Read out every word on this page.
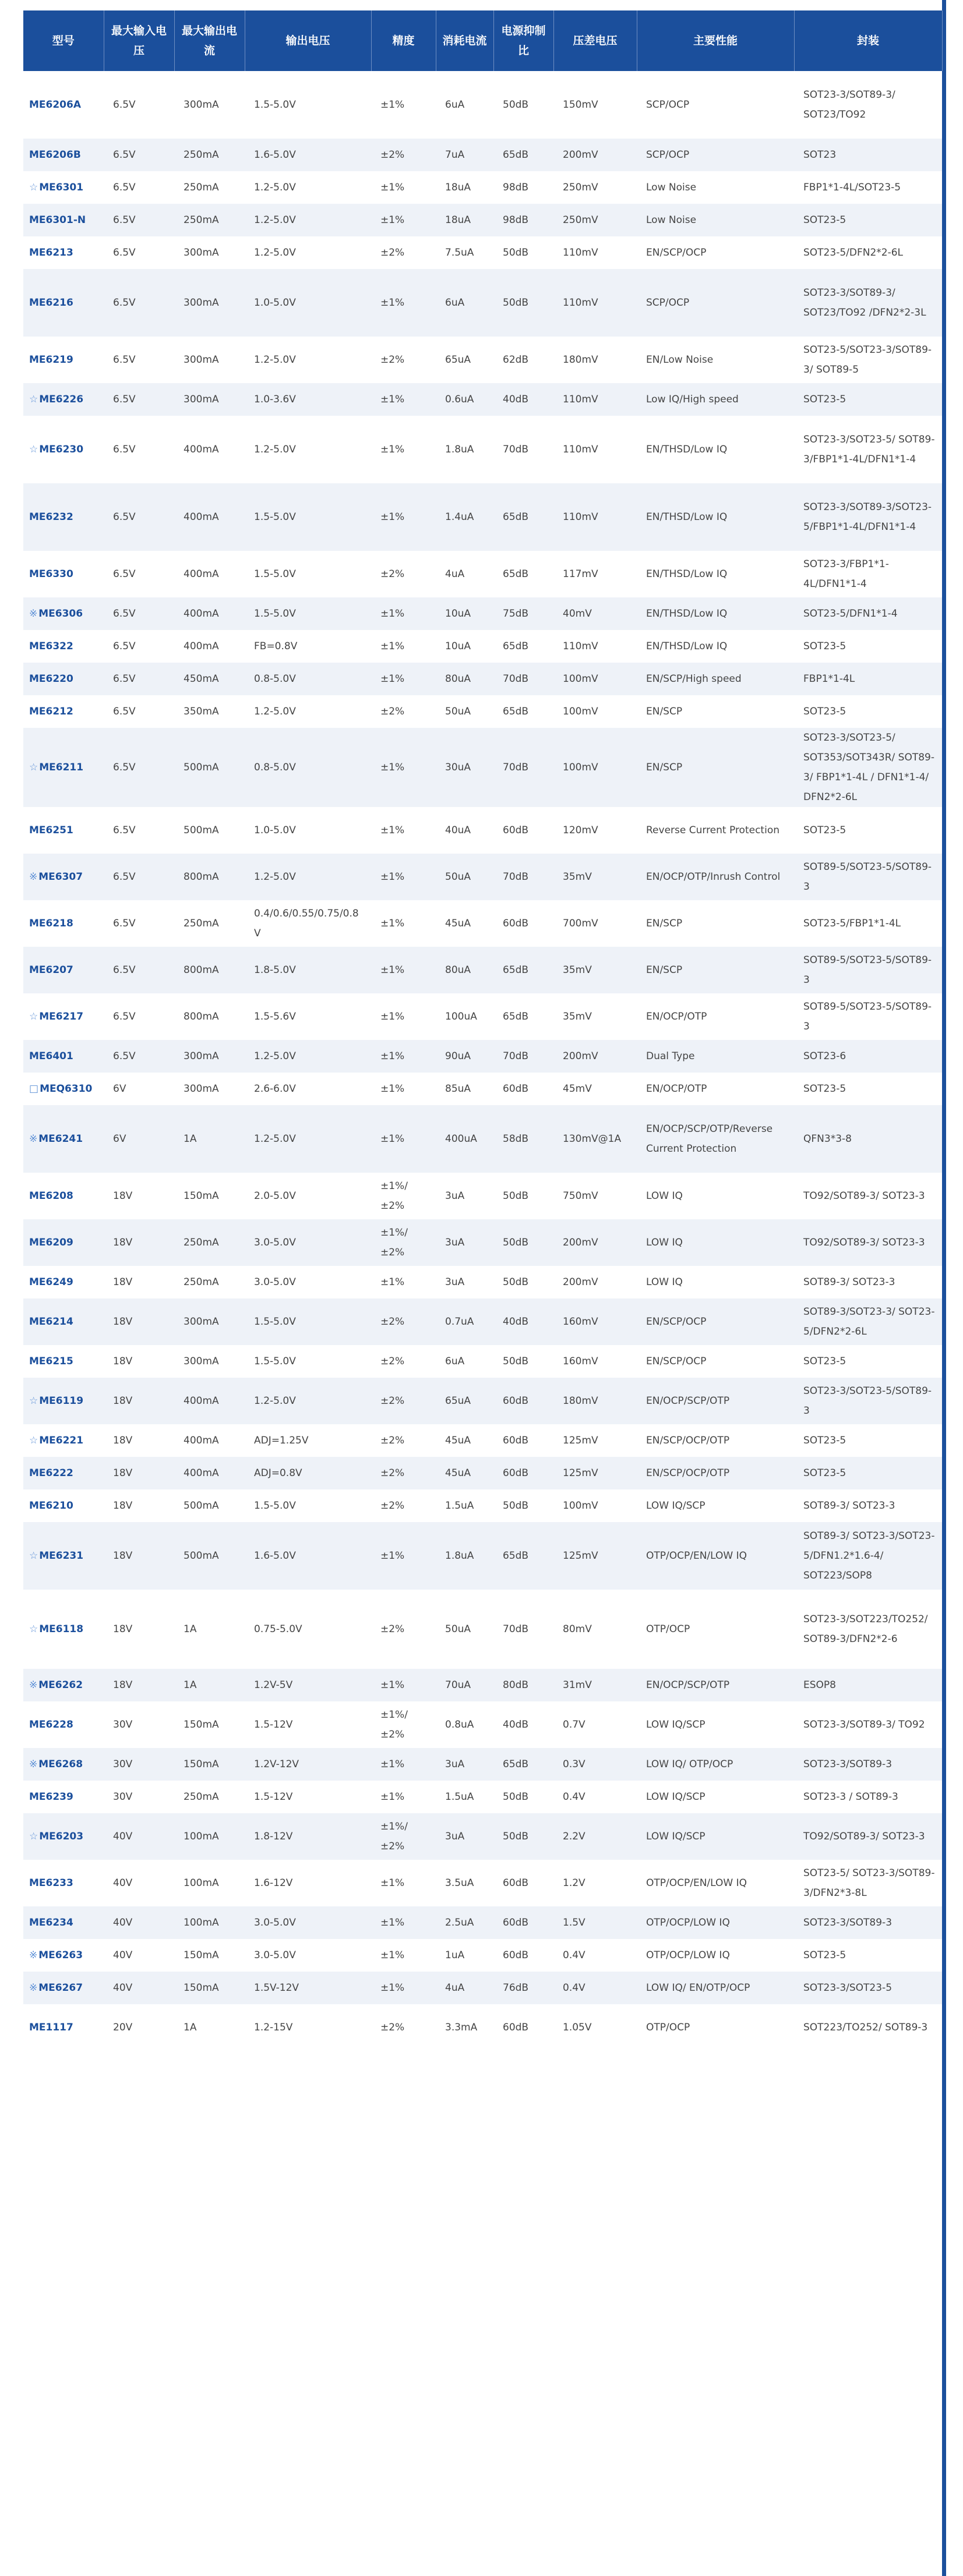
型号	最大输入电压	最大输出电流	输出电压	精度	消耗电流	电源抑制比	压差电压	主要性能	封装
ME6206A	6.5V	300mA	1.5-5.0V	±1%	6uA	50dB	150mV	SCP/OCP	SOT23-3/SOT89-3/ SOT23/TO92
ME6206B	6.5V	250mA	1.6-5.0V	±2%	7uA	65dB	200mV	SCP/OCP	SOT23
☆ ME6301	6.5V	250mA	1.2-5.0V	±1%	18uA	98dB	250mV	Low Noise	FBP1*1-4L/SOT23-5
ME6301-N	6.5V	250mA	1.2-5.0V	±1%	18uA	98dB	250mV	Low Noise	SOT23-5
ME6213	6.5V	300mA	1.2-5.0V	±2%	7.5uA	50dB	110mV	EN/SCP/OCP	SOT23-5/DFN2*2-6L
ME6216	6.5V	300mA	1.0-5.0V	±1%	6uA	50dB	110mV	SCP/OCP	SOT23-3/SOT89-3/ SOT23/TO92 /DFN2*2-3L
ME6219	6.5V	300mA	1.2-5.0V	±2%	65uA	62dB	180mV	EN/Low Noise	SOT23-5/SOT23-3/SOT89-3/ SOT89-5
☆ ME6226	6.5V	300mA	1.0-3.6V	±1%	0.6uA	40dB	110mV	Low IQ/High speed	SOT23-5
☆ ME6230	6.5V	400mA	1.2-5.0V	±1%	1.8uA	70dB	110mV	EN/THSD/Low IQ	SOT23-3/SOT23-5/ SOT89-3/FBP1*1-4L/DFN1*1-4
ME6232	6.5V	400mA	1.5-5.0V	±1%	1.4uA	65dB	110mV	EN/THSD/Low IQ	SOT23-3/SOT89-3/SOT23-5/FBP1*1-4L/DFN1*1-4
ME6330	6.5V	400mA	1.5-5.0V	±2%	4uA	65dB	117mV	EN/THSD/Low IQ	SOT23-3/FBP1*1-4L/DFN1*1-4
※ ME6306	6.5V	400mA	1.5-5.0V	±1%	10uA	75dB	40mV	EN/THSD/Low IQ	SOT23-5/DFN1*1-4
ME6322	6.5V	400mA	FB=0.8V	±1%	10uA	65dB	110mV	EN/THSD/Low IQ	SOT23-5
ME6220	6.5V	450mA	0.8-5.0V	±1%	80uA	70dB	100mV	EN/SCP/High speed	FBP1*1-4L
ME6212	6.5V	350mA	1.2-5.0V	±2%	50uA	65dB	100mV	EN/SCP	SOT23-5
☆ ME6211	6.5V	500mA	0.8-5.0V	±1%	30uA	70dB	100mV	EN/SCP	SOT23-3/SOT23-5/ SOT353/SOT343R/ SOT89-3/ FBP1*1-4L / DFN1*1-4/ DFN2*2-6L
ME6251	6.5V	500mA	1.0-5.0V	±1%	40uA	60dB	120mV	Reverse Current Protection	SOT23-5
※ ME6307	6.5V	800mA	1.2-5.0V	±1%	50uA	70dB	35mV	EN/OCP/OTP/Inrush Control	SOT89-5/SOT23-5/SOT89-3
ME6218	6.5V	250mA	0.4/0.6/0.55/0.75/0.8V	±1%	45uA	60dB	700mV	EN/SCP	SOT23-5/FBP1*1-4L
ME6207	6.5V	800mA	1.8-5.0V	±1%	80uA	65dB	35mV	EN/SCP	SOT89-5/SOT23-5/SOT89-3
☆ ME6217	6.5V	800mA	1.5-5.6V	±1%	100uA	65dB	35mV	EN/OCP/OTP	SOT89-5/SOT23-5/SOT89-3
ME6401	6.5V	300mA	1.2-5.0V	±1%	90uA	70dB	200mV	Dual Type	SOT23-6
□ MEQ6310	6V	300mA	2.6-6.0V	±1%	85uA	60dB	45mV	EN/OCP/OTP	SOT23-5
※ ME6241	6V	1A	1.2-5.0V	±1%	400uA	58dB	130mV@1A	EN/OCP/SCP/OTP/Reverse Current Protection	QFN3*3-8
ME6208	18V	150mA	2.0-5.0V	±1%/ ±2%	3uA	50dB	750mV	LOW IQ	TO92/SOT89-3/ SOT23-3
ME6209	18V	250mA	3.0-5.0V	±1%/ ±2%	3uA	50dB	200mV	LOW IQ	TO92/SOT89-3/ SOT23-3
ME6249	18V	250mA	3.0-5.0V	±1%	3uA	50dB	200mV	LOW IQ	SOT89-3/ SOT23-3
ME6214	18V	300mA	1.5-5.0V	±2%	0.7uA	40dB	160mV	EN/SCP/OCP	SOT89-3/SOT23-3/ SOT23-5/DFN2*2-6L
ME6215	18V	300mA	1.5-5.0V	±2%	6uA	50dB	160mV	EN/SCP/OCP	SOT23-5
☆ ME6119	18V	400mA	1.2-5.0V	±2%	65uA	60dB	180mV	EN/OCP/SCP/OTP	SOT23-3/SOT23-5/SOT89-3
☆ ME6221	18V	400mA	ADJ=1.25V	±2%	45uA	60dB	125mV	EN/SCP/OCP/OTP	SOT23-5
ME6222	18V	400mA	ADJ=0.8V	±2%	45uA	60dB	125mV	EN/SCP/OCP/OTP	SOT23-5
ME6210	18V	500mA	1.5-5.0V	±2%	1.5uA	50dB	100mV	LOW IQ/SCP	SOT89-3/ SOT23-3
☆ ME6231	18V	500mA	1.6-5.0V	±1%	1.8uA	65dB	125mV	OTP/OCP/EN/LOW IQ	SOT89-3/ SOT23-3/SOT23-5/DFN1.2*1.6-4/ SOT223/SOP8
☆ ME6118	18V	1A	0.75-5.0V	±2%	50uA	70dB	80mV	OTP/OCP	SOT23-3/SOT223/TO252/ SOT89-3/DFN2*2-6
※ ME6262	18V	1A	1.2V-5V	±1%	70uA	80dB	31mV	EN/OCP/SCP/OTP	ESOP8
ME6228	30V	150mA	1.5-12V	±1%/ ±2%	0.8uA	40dB	0.7V	LOW IQ/SCP	SOT23-3/SOT89-3/ TO92
※ ME6268	30V	150mA	1.2V-12V	±1%	3uA	65dB	0.3V	LOW IQ/ OTP/OCP	SOT23-3/SOT89-3
ME6239	30V	250mA	1.5-12V	±1%	1.5uA	50dB	0.4V	LOW IQ/SCP	SOT23-3 / SOT89-3
☆ ME6203	40V	100mA	1.8-12V	±1%/ ±2%	3uA	50dB	2.2V	LOW IQ/SCP	TO92/SOT89-3/ SOT23-3
ME6233	40V	100mA	1.6-12V	±1%	3.5uA	60dB	1.2V	OTP/OCP/EN/LOW IQ	SOT23-5/ SOT23-3/SOT89-3/DFN2*3-8L
ME6234	40V	100mA	3.0-5.0V	±1%	2.5uA	60dB	1.5V	OTP/OCP/LOW IQ	SOT23-3/SOT89-3
※ ME6263	40V	150mA	3.0-5.0V	±1%	1uA	60dB	0.4V	OTP/OCP/LOW IQ	SOT23-5
※ ME6267	40V	150mA	1.5V-12V	±1%	4uA	76dB	0.4V	LOW IQ/ EN/OTP/OCP	SOT23-3/SOT23-5
ME1117	20V	1A	1.2-15V	±2%	3.3mA	60dB	1.05V	OTP/OCP	SOT223/TO252/ SOT89-3
